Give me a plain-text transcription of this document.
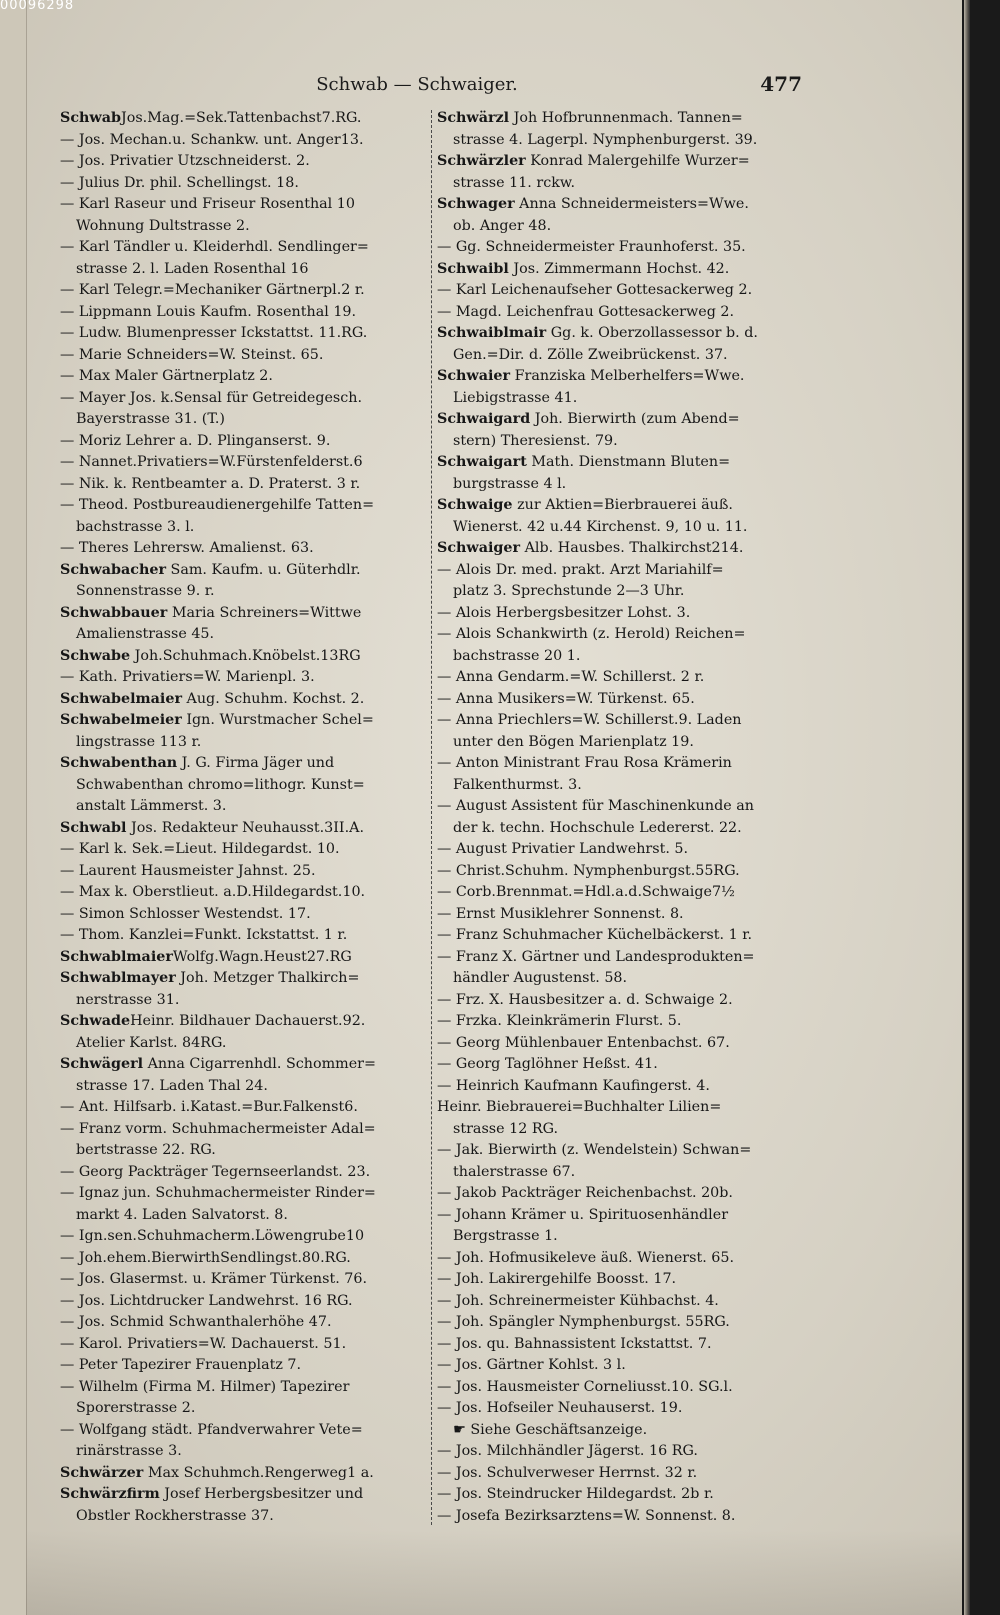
00096298
Schwab — Schwaiger.	477
SchwabJos.Mag.=Sek.Tattenbachst7.RG.
— Jos. Mechan.u. Schankw. unt. Anger13.
— Jos. Privatier Utzschneiderst. 2.
— Julius Dr. phil. Schellingst. 18.
— Karl Raseur und Friseur Rosenthal 10
Wohnung Dultstrasse 2.
— Karl Tändler u. Kleiderhdl. Sendlinger=
strasse 2. l. Laden Rosenthal 16
— Karl Telegr.=Mechaniker Gärtnerpl.2 r.
— Lippmann Louis Kaufm. Rosenthal 19.
— Ludw. Blumenpresser Ickstattst. 11.RG.
— Marie Schneiders=W. Steinst. 65.
— Max Maler Gärtnerplatz 2.
— Mayer Jos. k.Sensal für Getreidegesch.
Bayerstrasse 31. (T.)
— Moriz Lehrer a. D. Plinganserst. 9.
— Nannet.Privatiers=W.Fürstenfelderst.6
— Nik. k. Rentbeamter a. D. Praterst. 3 r.
— Theod. Postbureaudienergehilfe Tatten=
bachstrasse 3. l.
— Theres Lehrersw. Amalienst. 63.
Schwabacher Sam. Kaufm. u. Güterhdlr.
Sonnenstrasse 9. r.
Schwabbauer Maria Schreiners=Wittwe
Amalienstrasse 45.
Schwabe Joh.Schuhmach.Knöbelst.13RG
— Kath. Privatiers=W. Marienpl. 3.
Schwabelmaier Aug. Schuhm. Kochst. 2.
Schwabelmeier Ign. Wurstmacher Schel=
lingstrasse 113 r.
Schwabenthan J. G. Firma Jäger und
Schwabenthan chromo=lithogr. Kunst=
anstalt Lämmerst. 3.
Schwabl Jos. Redakteur Neuhausst.3II.A.
— Karl k. Sek.=Lieut. Hildegardst. 10.
— Laurent Hausmeister Jahnst. 25.
— Max k. Oberstlieut. a.D.Hildegardst.10.
— Simon Schlosser Westendst. 17.
— Thom. Kanzlei=Funkt. Ickstattst. 1 r.
SchwablmaierWolfg.Wagn.Heust27.RG
Schwablmayer Joh. Metzger Thalkirch=
nerstrasse 31.
SchwadeHeinr. Bildhauer Dachauerst.92.
Atelier Karlst. 84RG.
Schwägerl Anna Cigarrenhdl. Schommer=
strasse 17. Laden Thal 24.
— Ant. Hilfsarb. i.Katast.=Bur.Falkenst6.
— Franz vorm. Schuhmachermeister Adal=
bertstrasse 22. RG.
— Georg Packträger Tegernseerlandst. 23.
— Ignaz jun. Schuhmachermeister Rinder=
markt 4. Laden Salvatorst. 8.
— Ign.sen.Schuhmacherm.Löwengrube10
— Joh.ehem.BierwirthSendlingst.80.RG.
— Jos. Glasermst. u. Krämer Türkenst. 76.
— Jos. Lichtdrucker Landwehrst. 16 RG.
— Jos. Schmid Schwanthalerhöhe 47.
— Karol. Privatiers=W. Dachauerst. 51.
— Peter Tapezirer Frauenplatz 7.
— Wilhelm (Firma M. Hilmer) Tapezirer
Sporerstrasse 2.
— Wolfgang städt. Pfandverwahrer Vete=
rinärstrasse 3.
Schwärzer Max Schuhmch.Rengerweg1 a.
Schwärzfirm Josef Herbergsbesitzer und
Obstler Rockherstrasse 37.
Schwärzl Joh Hofbrunnenmach. Tannen=
strasse 4. Lagerpl. Nymphenburgerst. 39.
Schwärzler Konrad Malergehilfe Wurzer=
strasse 11. rckw.
Schwager Anna Schneidermeisters=Wwe.
ob. Anger 48.
— Gg. Schneidermeister Fraunhoferst. 35.
Schwaibl Jos. Zimmermann Hochst. 42.
— Karl Leichenaufseher Gottesackerweg 2.
— Magd. Leichenfrau Gottesackerweg 2.
Schwaiblmair Gg. k. Oberzollassessor b. d.
Gen.=Dir. d. Zölle Zweibrückenst. 37.
Schwaier Franziska Melberhelfers=Wwe.
Liebigstrasse 41.
Schwaigard Joh. Bierwirth (zum Abend=
stern) Theresienst. 79.
Schwaigart Math. Dienstmann Bluten=
burgstrasse 4 l.
Schwaige zur Aktien=Bierbrauerei äuß.
Wienerst. 42 u.44 Kirchenst. 9, 10 u. 11.
Schwaiger Alb. Hausbes. Thalkirchst214.
— Alois Dr. med. prakt. Arzt Mariahilf=
platz 3. Sprechstunde 2—3 Uhr.
— Alois Herbergsbesitzer Lohst. 3.
— Alois Schankwirth (z. Herold) Reichen=
bachstrasse 20 1.
— Anna Gendarm.=W. Schillerst. 2 r.
— Anna Musikers=W. Türkenst. 65.
— Anna Priechlers=W. Schillerst.9. Laden
unter den Bögen Marienplatz 19.
— Anton Ministrant Frau Rosa Krämerin
Falkenthurmst. 3.
— August Assistent für Maschinenkunde an
der k. techn. Hochschule Ledererst. 22.
— August Privatier Landwehrst. 5.
— Christ.Schuhm. Nymphenburgst.55RG.
— Corb.Brennmat.=Hdl.a.d.Schwaige7½
— Ernst Musiklehrer Sonnenst. 8.
— Franz Schuhmacher Küchelbäckerst. 1 r.
— Franz X. Gärtner und Landesprodukten=
händler Augustenst. 58.
— Frz. X. Hausbesitzer a. d. Schwaige 2.
— Frzka. Kleinkrämerin Flurst. 5.
— Georg Mühlenbauer Entenbachst. 67.
— Georg Taglöhner Heßst. 41.
— Heinrich Kaufmann Kaufingerst. 4.
Heinr. Biebrauerei=Buchhalter Lilien=
strasse 12 RG.
— Jak. Bierwirth (z. Wendelstein) Schwan=
thalerstrasse 67.
— Jakob Packträger Reichenbachst. 20b.
— Johann Krämer u. Spirituosenhändler
Bergstrasse 1.
— Joh. Hofmusikeleve äuß. Wienerst. 65.
— Joh. Lakirergehilfe Boosst. 17.
— Joh. Schreinermeister Kühbachst. 4.
— Joh. Spängler Nymphenburgst. 55RG.
— Jos. qu. Bahnassistent Ickstattst. 7.
— Jos. Gärtner Kohlst. 3 l.
— Jos. Hausmeister Corneliusst.10. SG.l.
— Jos. Hofseiler Neuhauserst. 19.
☛ Siehe Geschäftsanzeige.
— Jos. Milchhändler Jägerst. 16 RG.
— Jos. Schulverweser Herrnst. 32 r.
— Jos. Steindrucker Hildegardst. 2b r.
— Josefa Bezirksarztens=W. Sonnenst. 8.
